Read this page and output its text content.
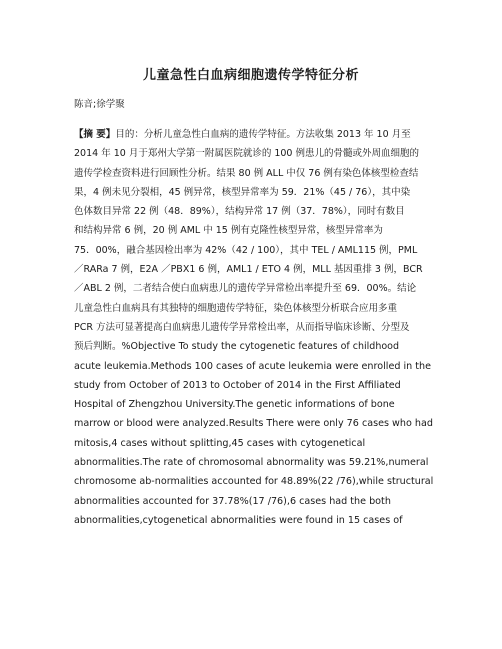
儿童急性白血病细胞遗传学特征分析
陈音;徐学聚
【摘 要】目的：分析儿童急性白血病的遗传学特征。方法收集 2013 年 10 月至
2014 年 10 月于郑州大学第一附属医院就诊的 100 例患儿的骨髓或外周血细胞的
遗传学检查资料进行回顾性分析。结果 80 例 ALL 中仅 76 例有染色体核型检查结
果，4 例未见分裂相，45 例异常，核型异常率为 59．21%（45 / 76），其中染
色体数目异常 22 例（48．89%），结构异常 17 例（37．78%），同时有数目
和结构异常 6 例，20 例 AML 中 15 例有克隆性核型异常，核型异常率为
75．00%，融合基因检出率为 42%（42 / 100），其中 TEL / AML115 例，PML
／RARa 7 例，E2A ／PBX1 6 例，AML1 / ETO 4 例，MLL 基因重排 3 例，BCR
／ABL 2 例，二者结合使白血病患儿的遗传学异常检出率提升至 69．00%。结论
儿童急性白血病具有其独特的细胞遗传学特征，染色体核型分析联合应用多重
PCR 方法可显著提高白血病患儿遗传学异常检出率，从而指导临床诊断、分型及
预后判断。%Objective To study the cytogenetic features of childhood
acute leukemia.Methods 100 cases of acute leukemia were enrolled in the
study from October of 2013 to October of 2014 in the First Affiliated
Hospital of Zhengzhou University.The genetic informations of bone
marrow or blood were analyzed.Results There were only 76 cases who had
mitosis,4 cases without splitting,45 cases with cytogenetical
abnormalities.The rate of chromosomal abnormality was 59.21%,numeral
chromosome ab-normalities accounted for 48.89%(22 /76),while structural
abnormalities accounted for 37.78%(17 /76),6 cases had the both
abnormalities,cytogenetical abnormalities were found in 15 cases of
